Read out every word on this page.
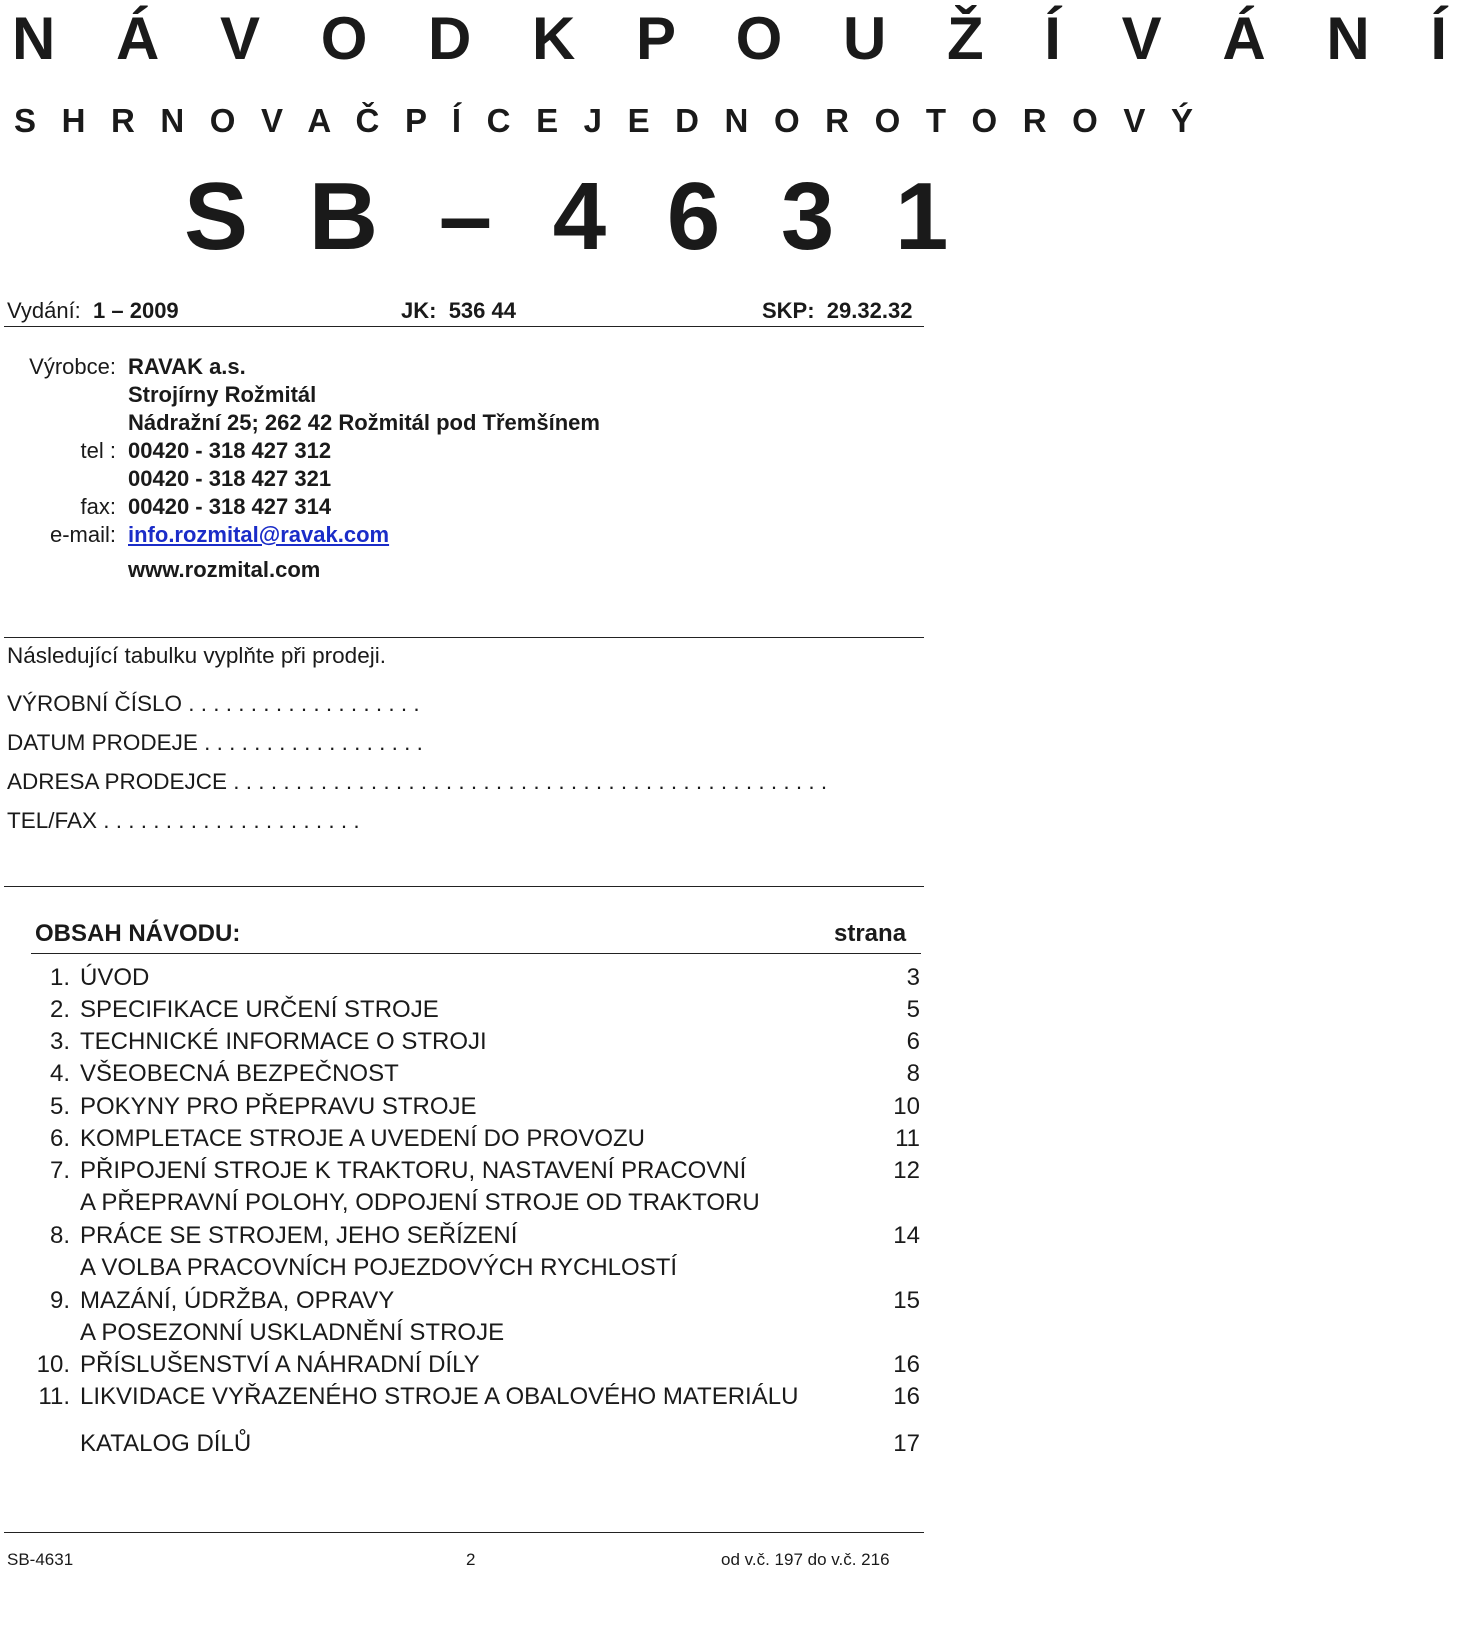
N Á V O D K P O U Ž Í V Á N Í
S H R N O V A Č P Í C E J E D N O R O T O R O V Ý
S B – 4 6 3 1
Vydání: 1 – 2009	JK: 536 44	SKP: 29.32.32
Výrobce: RAVAK a.s.
Strojírny Rožmitál
Nádražní 25; 262 42 Rožmitál pod Třemšínem
tel : 00420 - 318 427 312
00420 - 318 427 321
fax: 00420 - 318 427 314
e-mail: info.rozmital@ravak.com
www.rozmital.com
Následující tabulku vyplňte při prodeji.
VÝROBNÍ ČÍSLO . . . . . . . . . . . . . . . . . . .
DATUM PRODEJE . . . . . . . . . . . . . . . . . .
ADRESA PRODEJCE . . . . . . . . . . . . . . . . . . . . . . . . . . . . . . . . . . . . . . . . . . . . . . . .
TEL/FAX . . . . . . . . . . . . . . . . . . . . .
OBSAH NÁVODU:	strana
1. ÚVOD	3
2. SPECIFIKACE URČENÍ STROJE	5
3. TECHNICKÉ INFORMACE O STROJI	6
4. VŠEOBECNÁ BEZPEČNOST	8
5. POKYNY PRO PŘEPRAVU STROJE	10
6. KOMPLETACE STROJE A UVEDENÍ DO PROVOZU	11
7. PŘIPOJENÍ STROJE K TRAKTORU, NASTAVENÍ PRACOVNÍ
A PŘEPRAVNÍ POLOHY, ODPOJENÍ STROJE OD TRAKTORU
12
8. PRÁCE SE STROJEM, JEHO SEŘÍZENÍ
A VOLBA PRACOVNÍCH POJEZDOVÝCH RYCHLOSTÍ
14
9. MAZÁNÍ, ÚDRŽBA, OPRAVY
A POSEZONNÍ USKLADNĚNÍ STROJE
15
10. PŘÍSLUŠENSTVÍ A NÁHRADNÍ DÍLY	16
11. LIKVIDACE VYŘAZENÉHO STROJE A OBALOVÉHO MATERIÁLU	16
KATALOG DÍLŮ	17
SB-4631	2	od v.č. 197 do v.č. 216
